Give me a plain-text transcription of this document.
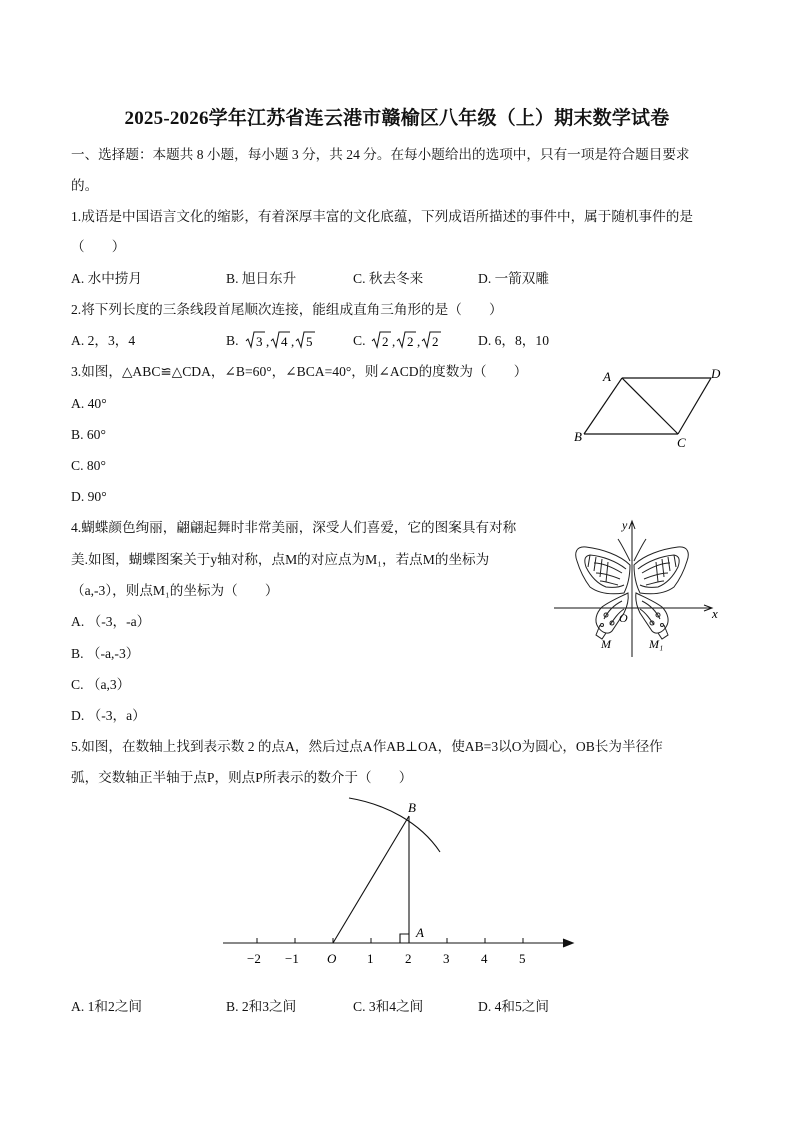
2025-2026学年江苏省连云港市赣榆区八年级（上）期末数学试卷
一、选择题：本题共 8 小题，每小题 3 分，共 24 分。在每小题给出的选项中，只有一项是符合题目要求
的。
1.成语是中国语言文化的缩影，有着深厚丰富的文化底蕴，下列成语所描述的事件中，属于随机事件的是
（　　）
A. 水中捞月	B. 旭日东升	C. 秋去冬来	D. 一箭双雕
2.将下列长度的三条线段首尾顺次连接，能组成直角三角形的是（　　）
A. 2，3，4	B. 3 , 4 , 5	C. 2 , 2 , 2	D. 6，8，10
3.如图，△ABC≌△CDA，∠B=60°，∠BCA=40°，则∠ACD的度数为（　　）
A. 40°
B. 60°
C. 80°
D. 90°
A	D
B	C
4.蝴蝶颜色绚丽，翩翩起舞时非常美丽，深受人们喜爱，它的图案具有对称
美.如图，蝴蝶图案关于y轴对称，点M的对应点为M₁，若点M的坐标为
（a,-3），则点M₁的坐标为（　　）
A. （-3，-a）
B. （-a,-3）
C. （a,3）
D. （-3，a）
y
x
O
M	M₁
5.如图，在数轴上找到表示数 2 的点A，然后过点A作AB⊥OA，使AB=3以O为圆心，OB长为半径作
弧，交数轴正半轴于点P，则点P所表示的数介于（　　）
−2 −1 O 1 2 3 4 5
B
A
A. 1和2之间	B. 2和3之间	C. 3和4之间	D. 4和5之间
